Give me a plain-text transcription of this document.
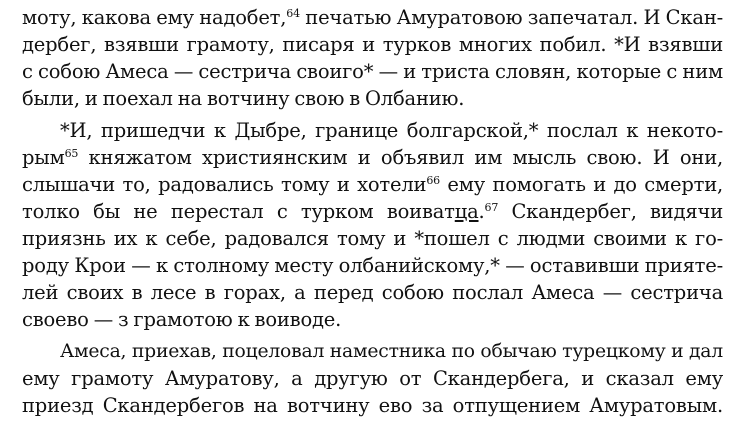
моту, какова ему надобет,$^{64}$ печатью Амуратовою запечатал. И Скан-
дербег, взявши грамоту, писаря и турков многих побил. *И взявши
с собою Амеса — сестрича своиго* — и триста словян, которые с ним
были, и поехал на вотчину свою в Олбанию.
*И, пришедчи к Дыбре, границе болгарской,* послал к некото-
рым$^{65}$ княжатом християнским и объявил им мысль свою. И они,
слышачи то, радовались тому и хотели$^{66}$ ему помогать и до смерти,
толко бы не перестал с турком воиватца.$^{67}$ Скандербег, видячи
приязнь их к себе, радовался тому и *пошел с людми своими к го-
роду Крои — к столному месту олбанийскому,* — оставивши прияте-
лей своих в лесе в горах, а перед собою послал Амеса — сестрича
своево — з грамотою к воиводе.
Амеса, приехав, поцеловал наместника по обычаю турецкому и дал
ему грамоту Амуратову, а другую от Скандербега, и сказал ему
приезд Скандербегов на вотчину ево за отпущением Амуратовым.
